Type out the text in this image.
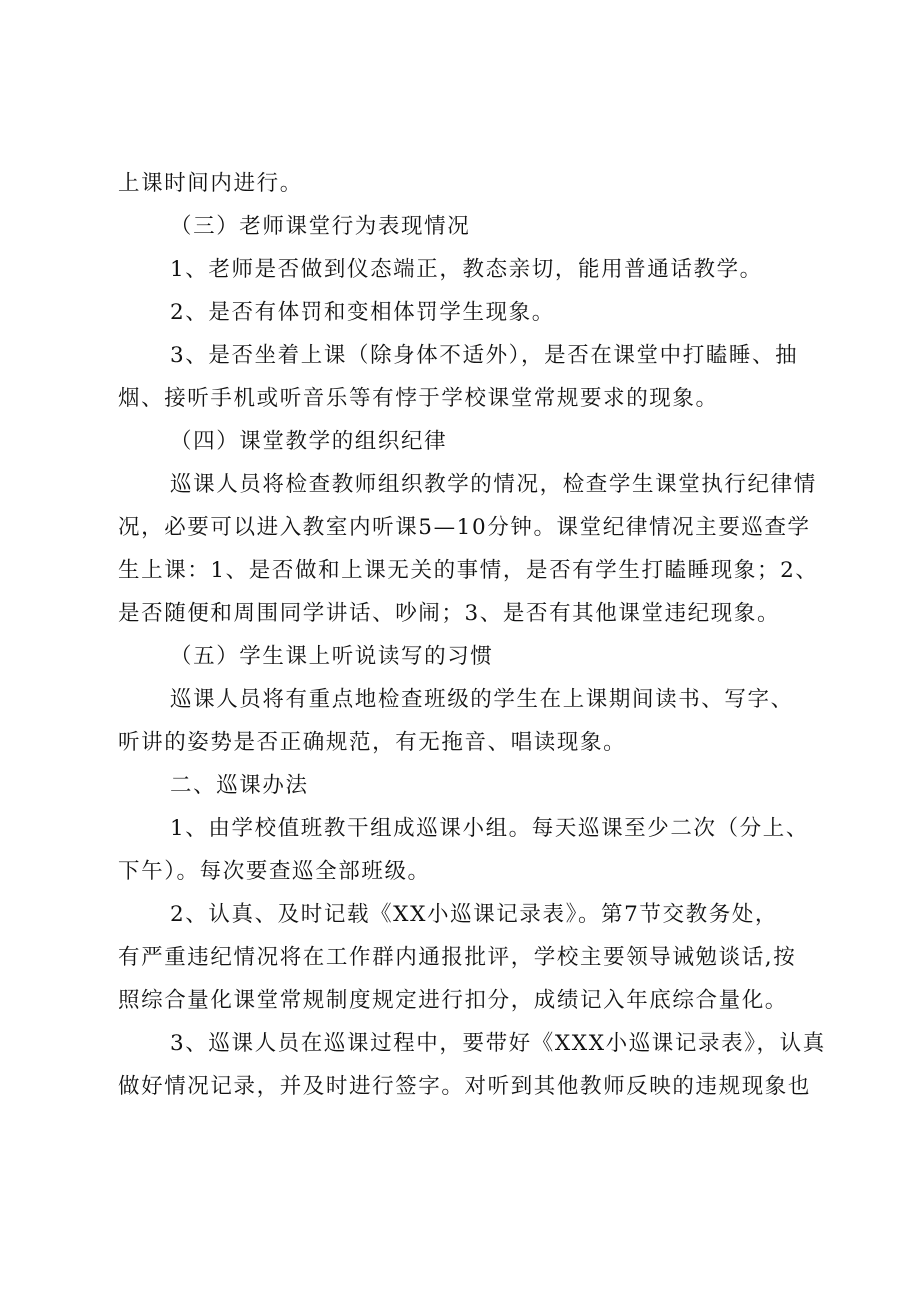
上课时间内进行。
（三）老师课堂行为表现情况
1、老师是否做到仪态端正，教态亲切，能用普通话教学。
2、是否有体罚和变相体罚学生现象。
3、是否坐着上课（除身体不适外），是否在课堂中打瞌睡、抽
烟、接听手机或听音乐等有悖于学校课堂常规要求的现象。
（四）课堂教学的组织纪律
巡课人员将检查教师组织教学的情况，检查学生课堂执行纪律情
况，必要可以进入教室内听课5—10分钟。课堂纪律情况主要巡查学
生上课：1、是否做和上课无关的事情，是否有学生打瞌睡现象；2、
是否随便和周围同学讲话、吵闹；3、是否有其他课堂违纪现象。
（五）学生课上听说读写的习惯
巡课人员将有重点地检查班级的学生在上课期间读书、写字、
听讲的姿势是否正确规范，有无拖音、唱读现象。
二、巡课办法
1、由学校值班教干组成巡课小组。每天巡课至少二次（分上、
下午）。每次要查巡全部班级。
2、认真、及时记载《XX小巡课记录表》。第7节交教务处，
有严重违纪情况将在工作群内通报批评，学校主要领导诫勉谈话,按
照综合量化课堂常规制度规定进行扣分，成绩记入年底综合量化。
3、巡课人员在巡课过程中，要带好《XXX小巡课记录表》，认真
做好情况记录，并及时进行签字。对听到其他教师反映的违规现象也
